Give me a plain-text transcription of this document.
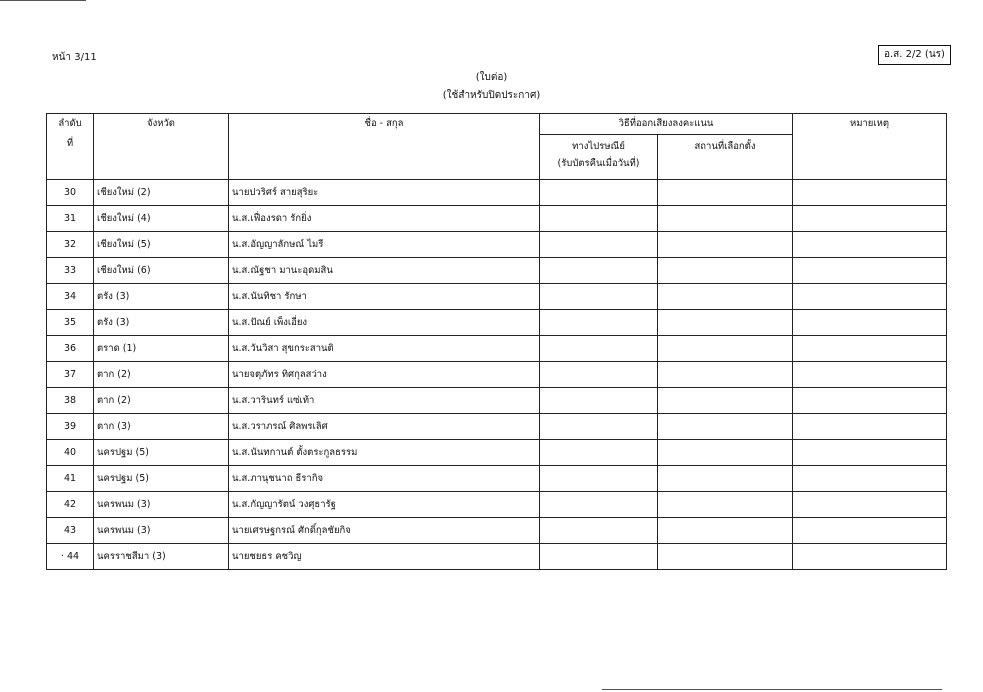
หน้า 3/11	อ.ส. 2/2 (นร)
(ใบต่อ)
(ใช้สำหรับปิดประกาศ)
ลำดับ
ที่	จังหวัด	ชื่อ - สกุล	วิธีที่ออกเสียงลงคะแนน		หมายเหตุ

			ทางไปรษณีย์
(รับบัตรคืนเมื่อวันที่)	สถานที่เลือกตั้ง	
30	เชียงใหม่ (2)	นายปวริศร์ สายสุริยะ			
31	เชียงใหม่ (4)	น.ส.เฟื่องรดา รักยิ่ง			
32	เชียงใหม่ (5)	น.ส.อัญญาลักษณ์ ไมรี			
33	เชียงใหม่ (6)	น.ส.ณัฐชา มานะอุดมสิน			
34	ตรัง (3)	น.ส.นันทิชา รักษา			
35	ตรัง (3)	น.ส.ปัณย์ เพ็งเอี่ยง			
36	ตราด (1)	น.ส.วันวิสา สุขกระสานติ			
37	ตาก (2)	นายจตุภัทร ทิศกุลสว่าง			
38	ตาก (2)	น.ส.วารินทร์ แซ่เท้า			
39	ตาก (3)	น.ส.วราภรณ์ ศิลพรเลิศ			
40	นครปฐม (5)	น.ส.นันทกานต์ ตั้งตระกูลธรรม			
41	นครปฐม (5)	น.ส.ภานุชนาถ ธีรากิจ			
42	นครพนม (3)	น.ส.กัญญารัตน์ วงศุธารัฐ			
43	นครพนม (3)	นายเศรษฐกรณ์ ศักดิ์กุลชัยกิจ			
· 44	นครราชสีมา (3)	นายชยธร คชวิญ			
